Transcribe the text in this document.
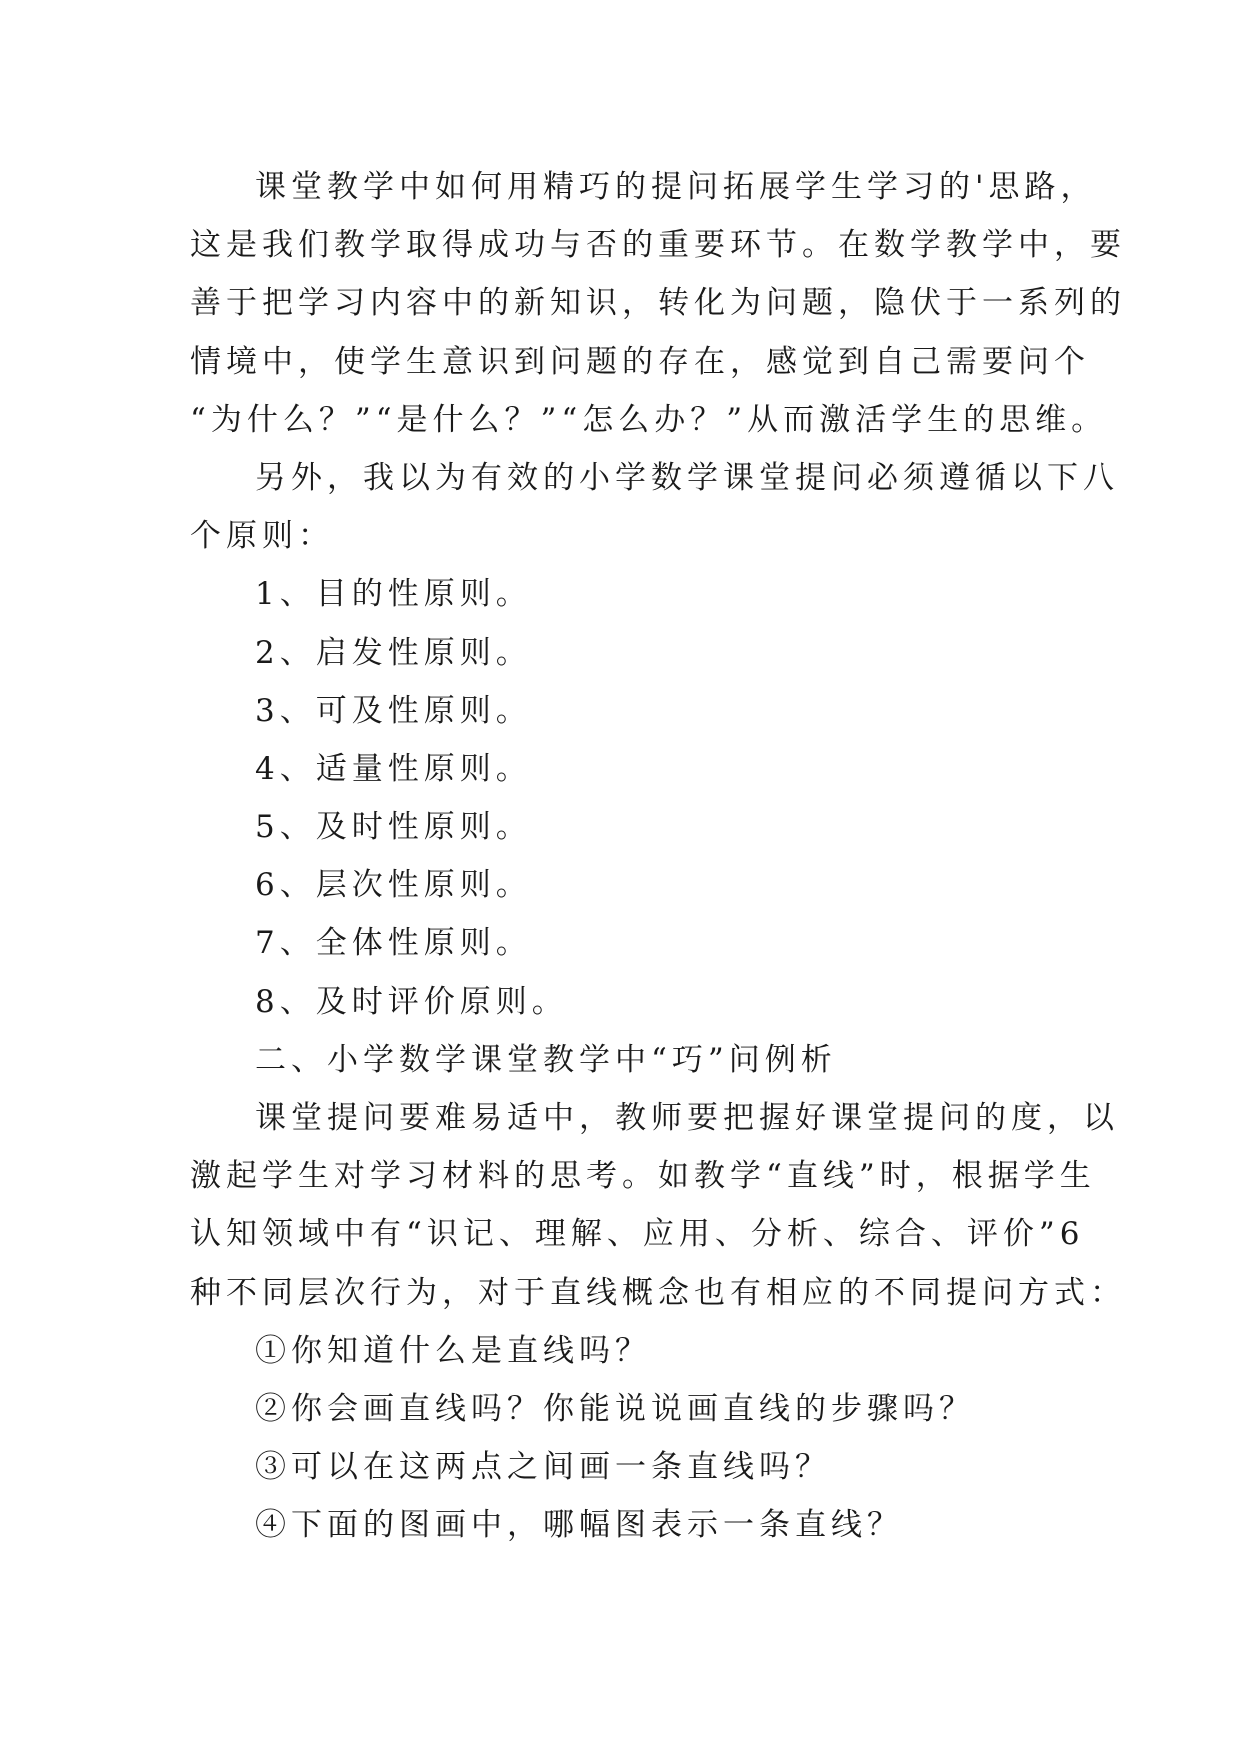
课堂教学中如何用精巧的提问拓展学生学习的'思路，

这是我们教学取得成功与否的重要环节。在数学教学中，要

善于把学习内容中的新知识，转化为问题，隐伏于一系列的

情境中，使学生意识到问题的存在，感觉到自己需要问个

“为什么？”“是什么？”“怎么办？”从而激活学生的思维。

另外，我以为有效的小学数学课堂提问必须遵循以下八

个原则：

1、目的性原则。

2、启发性原则。

3、可及性原则。

4、适量性原则。

5、及时性原则。

6、层次性原则。

7、全体性原则。

8、及时评价原则。

二、小学数学课堂教学中“巧”问例析

课堂提问要难易适中，教师要把握好课堂提问的度，以

激起学生对学习材料的思考。如教学“直线”时，根据学生

认知领域中有“识记、理解、应用、分析、综合、评价”6

种不同层次行为，对于直线概念也有相应的不同提问方式：

①你知道什么是直线吗？

②你会画直线吗？你能说说画直线的步骤吗？

③可以在这两点之间画一条直线吗？

④下面的图画中，哪幅图表示一条直线？
